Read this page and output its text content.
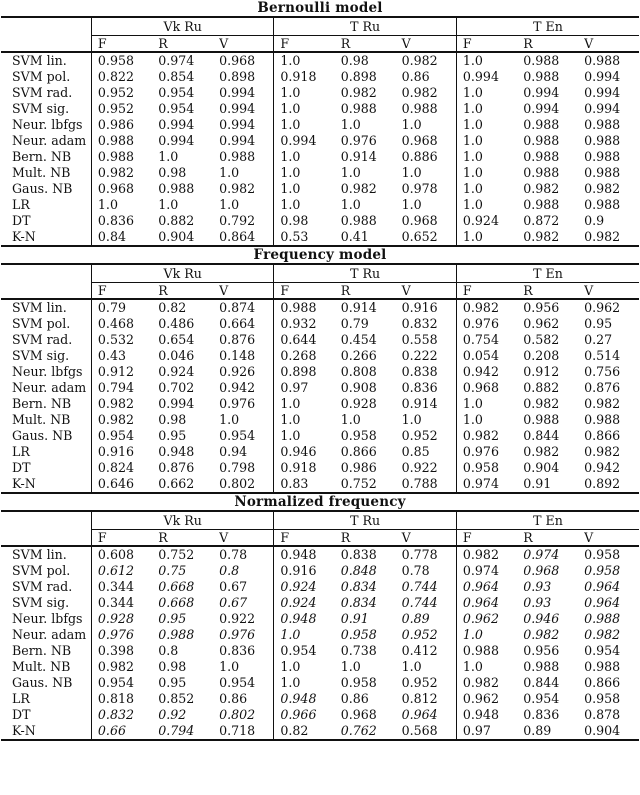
Bernoulli model
	Vk Ru			T Ru			T En		
	F	R	V	F	R	V	F	R	V
SVM lin.	0.958	0.974	0.968	1.0	0.98	0.982	1.0	0.988	0.988
SVM pol.	0.822	0.854	0.898	0.918	0.898	0.86	0.994	0.988	0.994
SVM rad.	0.952	0.954	0.994	1.0	0.982	0.982	1.0	0.994	0.994
SVM sig.	0.952	0.954	0.994	1.0	0.988	0.988	1.0	0.994	0.994
Neur. lbfgs	0.986	0.994	0.994	1.0	1.0	1.0	1.0	0.988	0.988
Neur. adam	0.988	0.994	0.994	0.994	0.976	0.968	1.0	0.988	0.988
Bern. NB	0.988	1.0	0.988	1.0	0.914	0.886	1.0	0.988	0.988
Mult. NB	0.982	0.98	1.0	1.0	1.0	1.0	1.0	0.988	0.988
Gaus. NB	0.968	0.988	0.982	1.0	0.982	0.978	1.0	0.982	0.982
LR	1.0	1.0	1.0	1.0	1.0	1.0	1.0	0.988	0.988
DT	0.836	0.882	0.792	0.98	0.988	0.968	0.924	0.872	0.9
K-N	0.84	0.904	0.864	0.53	0.41	0.652	1.0	0.982	0.982
Frequency model
	Vk Ru			T Ru			T En		
	F	R	V	F	R	V	F	R	V
SVM lin.	0.79	0.82	0.874	0.988	0.914	0.916	0.982	0.956	0.962
SVM pol.	0.468	0.486	0.664	0.932	0.79	0.832	0.976	0.962	0.95
SVM rad.	0.532	0.654	0.876	0.644	0.454	0.558	0.754	0.582	0.27
SVM sig.	0.43	0.046	0.148	0.268	0.266	0.222	0.054	0.208	0.514
Neur. lbfgs	0.912	0.924	0.926	0.898	0.808	0.838	0.942	0.912	0.756
Neur. adam	0.794	0.702	0.942	0.97	0.908	0.836	0.968	0.882	0.876
Bern. NB	0.982	0.994	0.976	1.0	0.928	0.914	1.0	0.982	0.982
Mult. NB	0.982	0.98	1.0	1.0	1.0	1.0	1.0	0.988	0.988
Gaus. NB	0.954	0.95	0.954	1.0	0.958	0.952	0.982	0.844	0.866
LR	0.916	0.948	0.94	0.946	0.866	0.85	0.976	0.982	0.982
DT	0.824	0.876	0.798	0.918	0.986	0.922	0.958	0.904	0.942
K-N	0.646	0.662	0.802	0.83	0.752	0.788	0.974	0.91	0.892
Normalized frequency
	Vk Ru			T Ru			T En		
	F	R	V	F	R	V	F	R	V
SVM lin.	0.608	0.752	0.78	0.948	0.838	0.778	0.982	0.974	0.958
SVM pol.	0.612	0.75	0.8	0.916	0.848	0.78	0.974	0.968	0.958
SVM rad.	0.344	0.668	0.67	0.924	0.834	0.744	0.964	0.93	0.964
SVM sig.	0.344	0.668	0.67	0.924	0.834	0.744	0.964	0.93	0.964
Neur. lbfgs	0.928	0.95	0.922	0.948	0.91	0.89	0.962	0.946	0.988
Neur. adam	0.976	0.988	0.976	1.0	0.958	0.952	1.0	0.982	0.982
Bern. NB	0.398	0.8	0.836	0.954	0.738	0.412	0.988	0.956	0.954
Mult. NB	0.982	0.98	1.0	1.0	1.0	1.0	1.0	0.988	0.988
Gaus. NB	0.954	0.95	0.954	1.0	0.958	0.952	0.982	0.844	0.866
LR	0.818	0.852	0.86	0.948	0.86	0.812	0.962	0.954	0.958
DT	0.832	0.92	0.802	0.966	0.968	0.964	0.948	0.836	0.878
K-N	0.66	0.794	0.718	0.82	0.762	0.568	0.97	0.89	0.904
